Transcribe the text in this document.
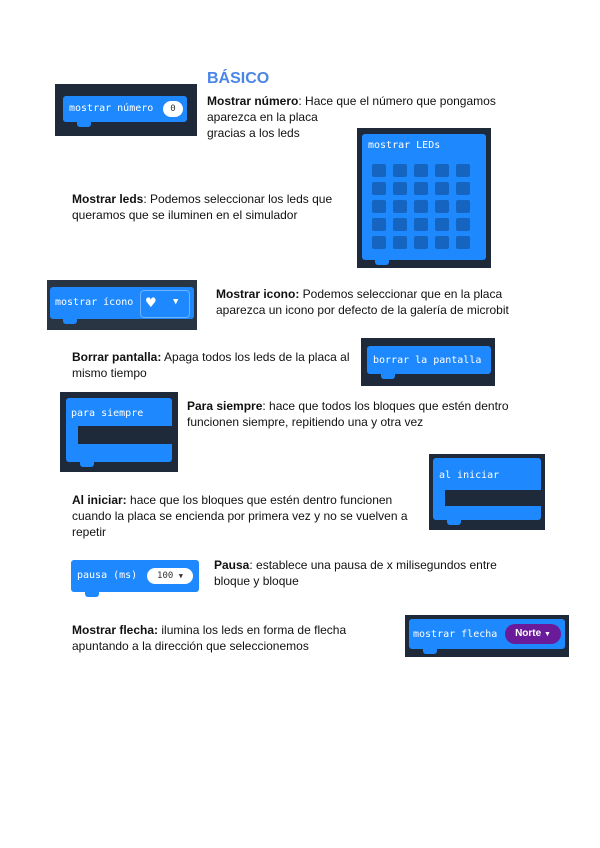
BÁSICO
mostrar número	0
Mostrar número: Hace que el número que pongamos
aparezca en la placa
gracias a los leds
mostrar LEDs
Mostrar leds: Podemos seleccionar los leds que
queramos que se iluminen en el simulador
mostrar ícono ♥ ▼
Mostrar icono: Podemos seleccionar que en la placa
aparezca un icono por defecto de la galería de microbit
borrar la pantalla
Borrar pantalla: Apaga todos los leds de la placa al
mismo tiempo
para siempre
Para siempre: hace que todos los bloques que estén dentro
funcionen siempre, repitiendo una y otra vez
al iniciar
Al iniciar: hace que los bloques que estén dentro funcionen
cuando la placa se encienda por primera vez y no se vuelven a
repetir
pausa (ms)	100 ▼
Pausa: establece una pausa de x milisegundos entre
bloque y bloque
mostrar flecha	Norte ▼
Mostrar flecha: ilumina los leds en forma de flecha
apuntando a la dirección que seleccionemos
